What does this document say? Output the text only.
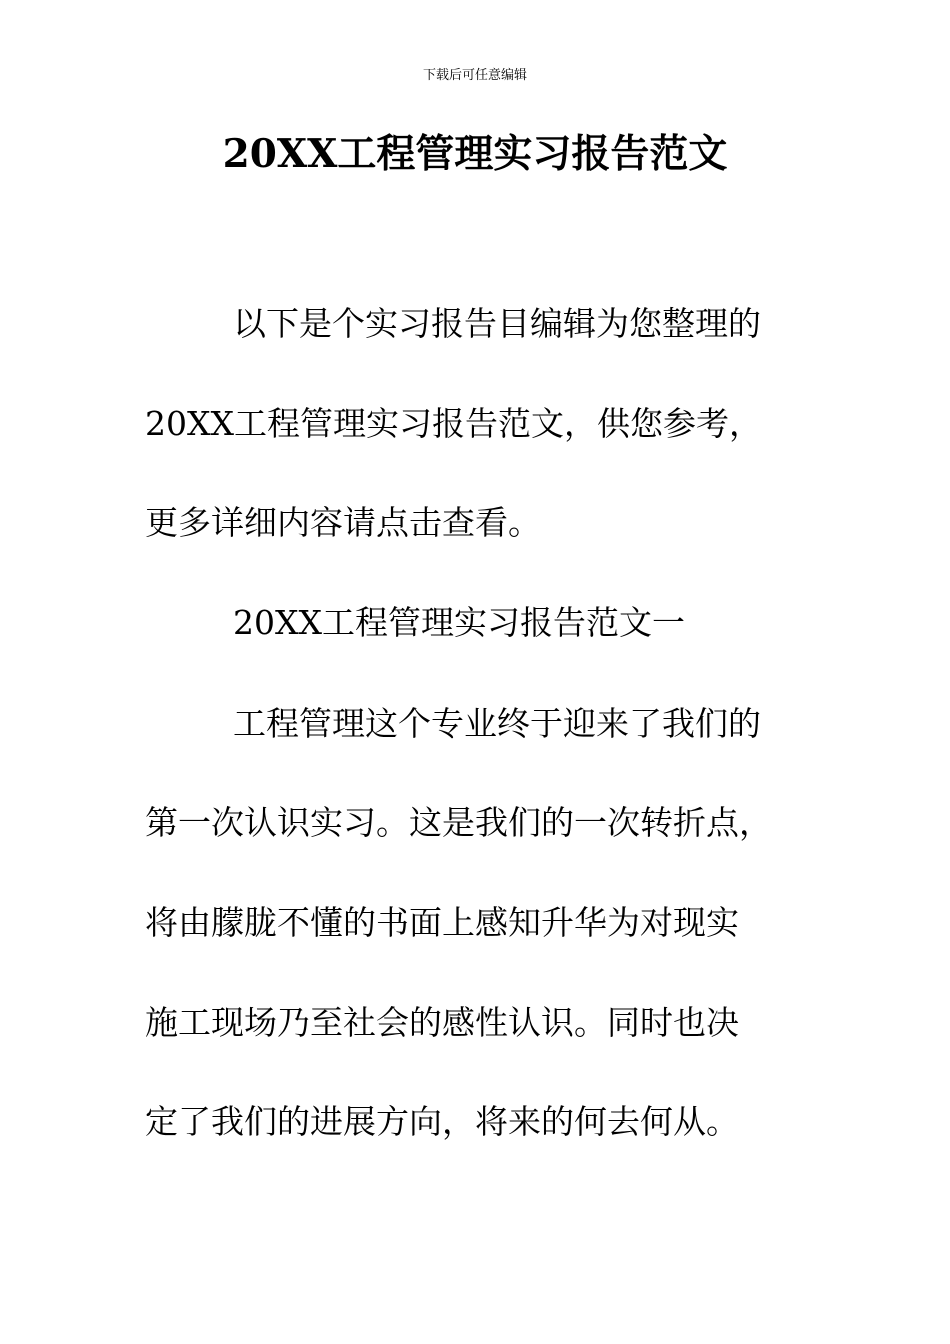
下载后可任意编辑
20XX工程管理实习报告范文
以下是个实习报告目编辑为您整理的
20XX工程管理实习报告范文，供您参考，
更多详细内容请点击查看。
20XX工程管理实习报告范文一
工程管理这个专业终于迎来了我们的
第一次认识实习。这是我们的一次转折点，
将由朦胧不懂的书面上感知升华为对现实
施工现场乃至社会的感性认识。同时也决
定了我们的进展方向，将来的何去何从。
